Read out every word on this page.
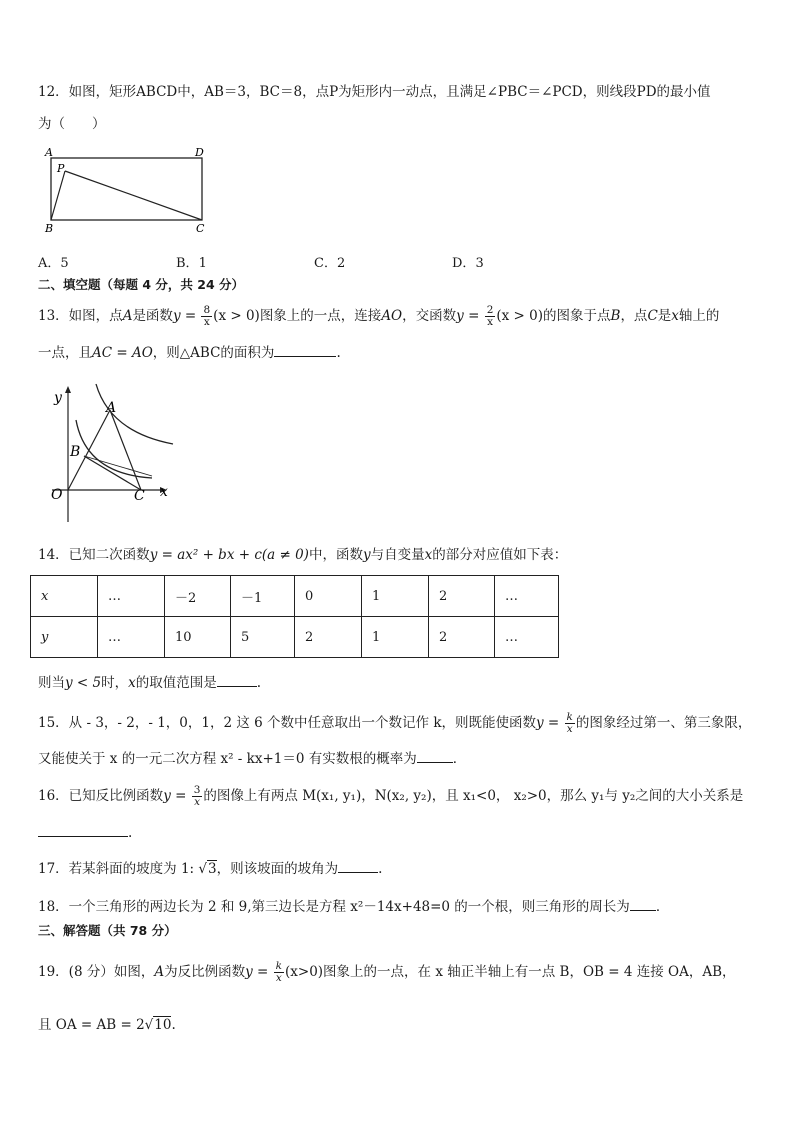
12．如图，矩形ABCD中，AB＝3，BC＝8，点P为矩形内一动点，且满足∠PBC＝∠PCD，则线段PD的最小值
为（　　）
A	D
P
B	C
A．5	B．1	C．2	D．3
二、填空题（每题 4 分，共 24 分）
13．如图，点A是函数$y = \frac{8}{x} (x > 0)$图象上的一点，连接AO，交函数$y = \frac{2}{x} (x > 0)$的图象于点B，点C是x轴上的
一点，且AC = AO，则△ABC的面积为	.
y
x
O
A
B
C
14．已知二次函数y = ax² + bx + c(a ≠ 0)中，函数y与自变量x的部分对应值如下表：
x	…	－2	－1	0	1	2	…
y	…	10	5	2	1	2	…
则当y < 5时，x的取值范围是	.
15．从 - 3，- 2，- 1，0，1，2 这 6 个数中任意取出一个数记作 k，则既能使函数$y = \frac{k}{x}$ 的图象经过第一、第三象限，
又能使关于 x 的一元二次方程 x² - kx+1＝0 有实数根的概率为	．
16．已知反比例函数$y = \frac{3}{x}$ 的图像上有两点 M(x₁, y₁)，N(x₂, y₂)，且 x₁<0， x₂>0，那么 y₁与 y₂之间的大小关系是
.
17．若某斜面的坡度为 1: √3，则该坡面的坡角为	.
18．一个三角形的两边长为 2 和 9,第三边长是方程 x²－14x+48=0 的一个根，则三角形的周长为 ．
三、解答题（共 78 分）
19．(8 分）如图，A为反比例函数$y = \frac{k}{x} (x>0)$图象上的一点，在 x 轴正半轴上有一点 B，OB = 4 连接 OA，AB，
且 OA = AB = 2√10.
